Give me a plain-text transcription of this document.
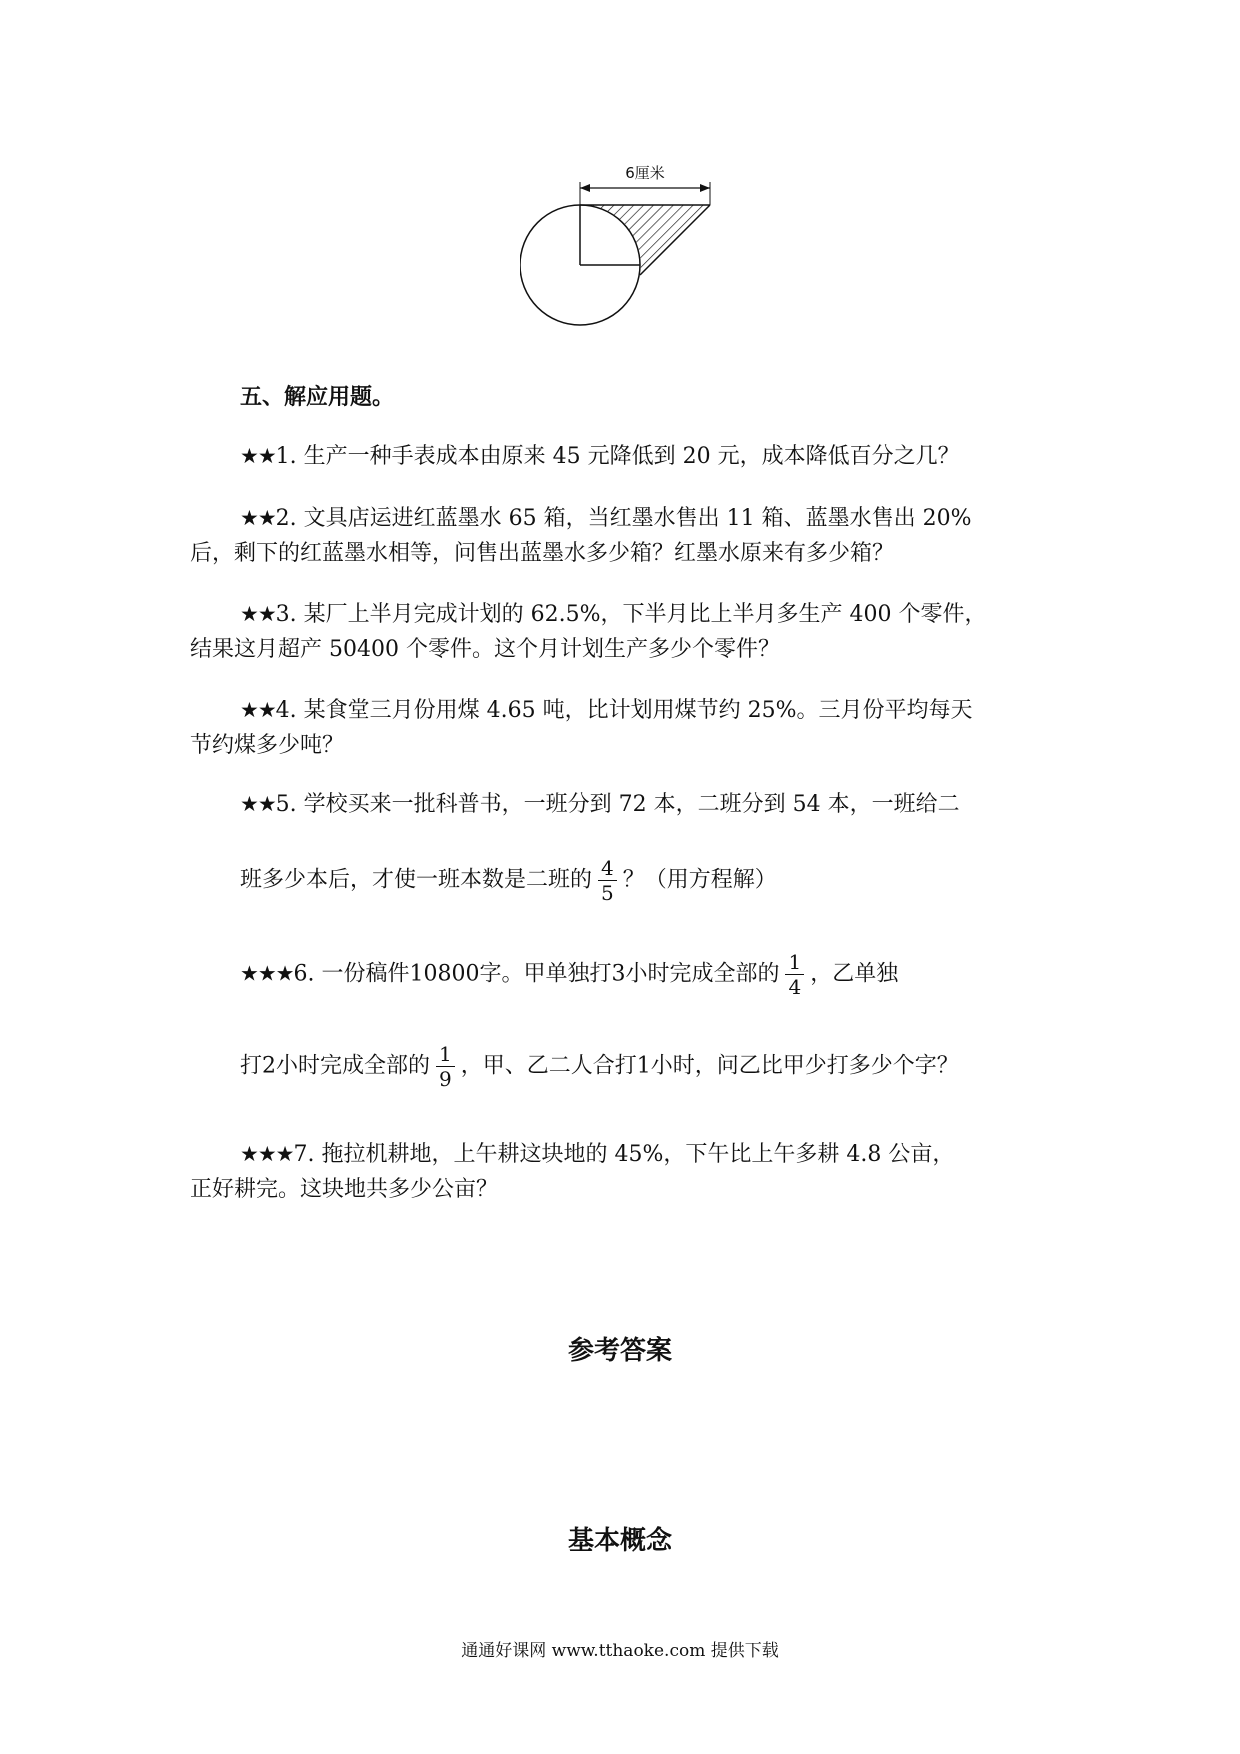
6厘米
五、解应用题。
★★1. 生产一种手表成本由原来 45 元降低到 20 元，成本降低百分之几？
★★2. 文具店运进红蓝墨水 65 箱，当红墨水售出 11 箱、蓝墨水售出 20%
后，剩下的红蓝墨水相等，问售出蓝墨水多少箱？红墨水原来有多少箱？
★★3. 某厂上半月完成计划的 62.5%，下半月比上半月多生产 400 个零件，
结果这月超产 50400 个零件。这个月计划生产多少个零件？
★★4. 某食堂三月份用煤 4.65 吨，比计划用煤节约 25%。三月份平均每天
节约煤多少吨？
★★5. 学校买来一批科普书，一班分到 72 本，二班分到 54 本，一班给二
班多少本后，才使一班本数是二班的 $\frac{4}{5}$ ？（用方程解）
★★★6. 一份稿件10800字。甲单独打3小时完成全部的 $\frac{1}{4}$ ，乙单独
打2小时完成全部的 $\frac{1}{9}$ ，甲、乙二人合打1小时，问乙比甲少打多少个字？
★★★7. 拖拉机耕地，上午耕这块地的 45%，下午比上午多耕 4.8 公亩，
正好耕完。这块地共多少公亩？
参考答案
基本概念
通通好课网 www.tthaoke.com 提供下载
